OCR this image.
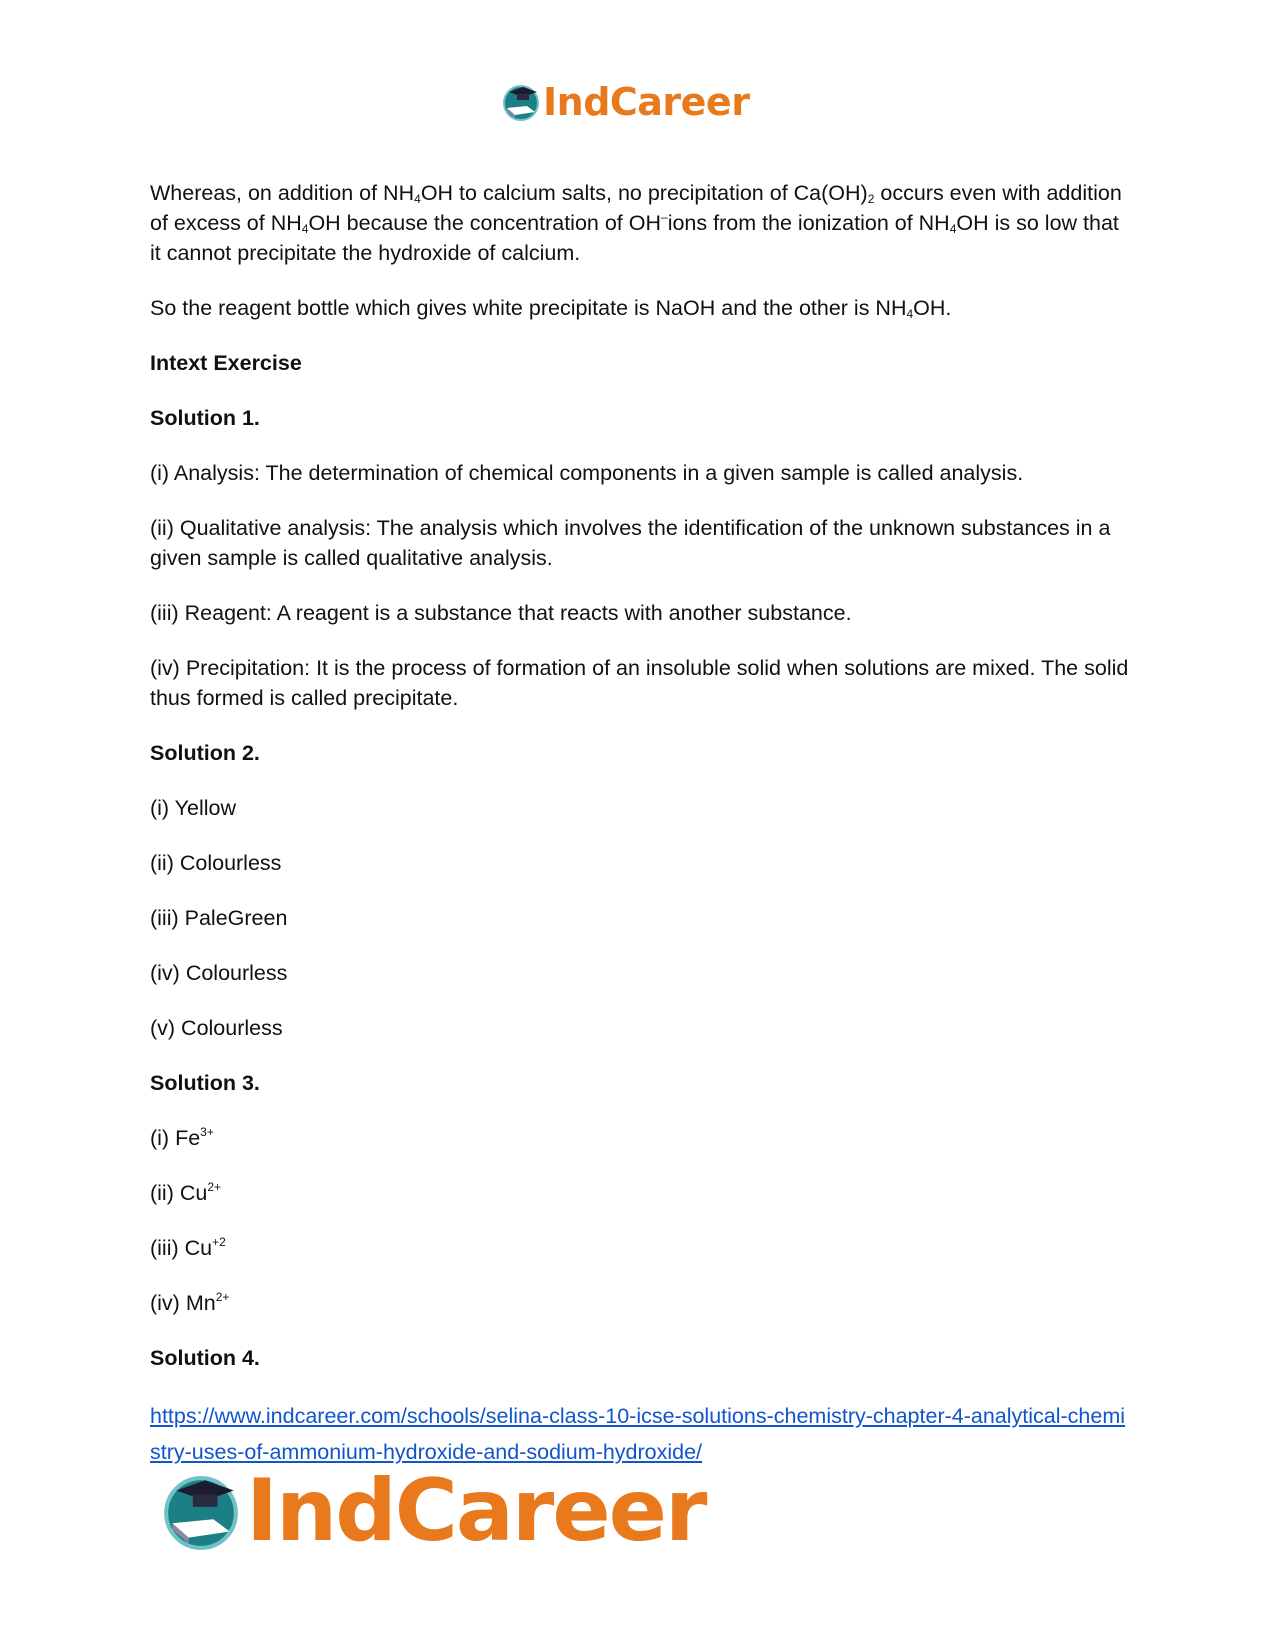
IndCareer

Whereas, on addition of $NH_4OH$ to calcium salts, no precipitation of $Ca(OH)_2$ occurs even with addition of excess of $NH_4OH$ because the concentration of OH–ions from the ionization of $NH_4OH$ is so low that it cannot precipitate the hydroxide of calcium.

So the reagent bottle which gives white precipitate is NaOH and the other is $NH_4OH$.

Intext Exercise

Solution 1.

(i) Analysis: The determination of chemical components in a given sample is called analysis.

(ii) Qualitative analysis: The analysis which involves the identification of the unknown substances in a given sample is called qualitative analysis.

(iii) Reagent: A reagent is a substance that reacts with another substance.

(iv) Precipitation: It is the process of formation of an insoluble solid when solutions are mixed. The solid thus formed is called precipitate.

Solution 2.

(i) Yellow

(ii) Colourless

(iii) PaleGreen

(iv) Colourless

(v) Colourless

Solution 3.

(i) $Fe^{3+}$

(ii) $Cu^{2+}$

(iii) $Cu^{+2}$

(iv) $Mn^{2+}$

Solution 4.

https://www.indcareer.com/schools/selina-class-10-icse-solutions-chemistry-chapter-4-analytical-chemistry-uses-of-ammonium-hydroxide-and-sodium-hydroxide/

IndCareer
